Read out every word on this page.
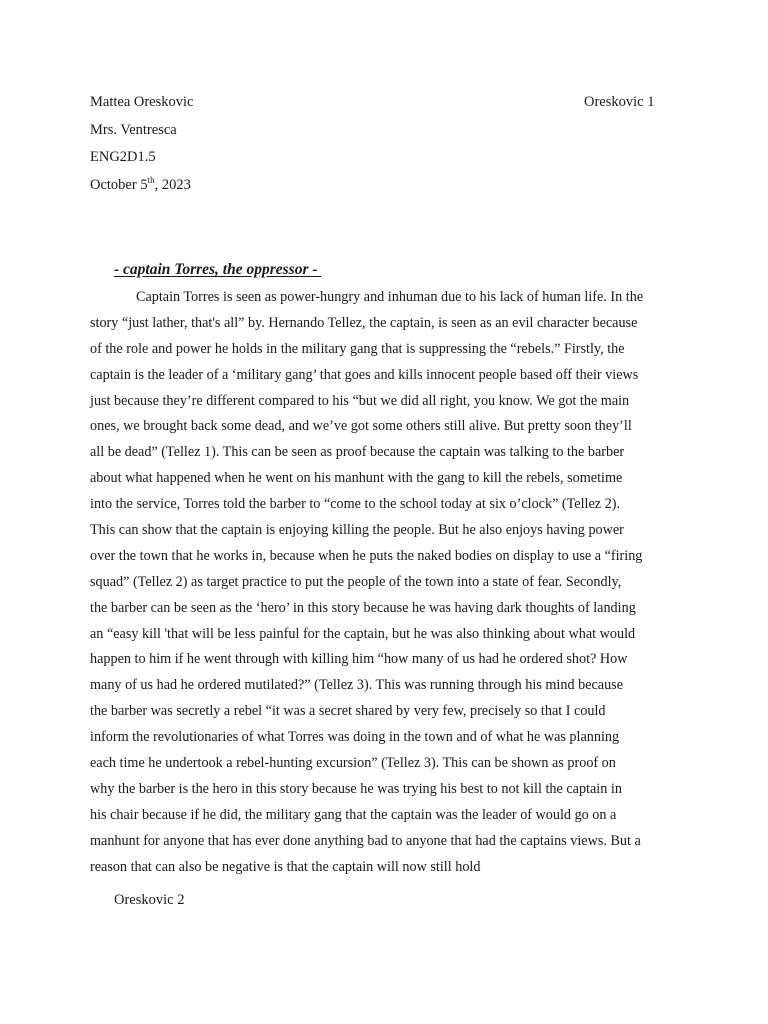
Mattea Oreskovic	Oreskovic 1
Mrs. Ventresca
ENG2D1.5
October 5th, 2023
- captain Torres, the oppressor -
Captain Torres is seen as power-hungry and inhuman due to his lack of human life. In the
story “just lather, that's all” by. Hernando Tellez, the captain, is seen as an evil character because
of the role and power he holds in the military gang that is suppressing the “rebels.” Firstly, the
captain is the leader of a ‘military gang’ that goes and kills innocent people based off their views
just because they’re different compared to his “but we did all right, you know. We got the main
ones, we brought back some dead, and we’ve got some others still alive. But pretty soon they’ll
all be dead” (Tellez 1). This can be seen as proof because the captain was talking to the barber
about what happened when he went on his manhunt with the gang to kill the rebels, sometime
into the service, Torres told the barber to “come to the school today at six o’clock” (Tellez 2).
This can show that the captain is enjoying killing the people. But he also enjoys having power
over the town that he works in, because when he puts the naked bodies on display to use a “firing
squad” (Tellez 2) as target practice to put the people of the town into a state of fear. Secondly,
the barber can be seen as the ‘hero’ in this story because he was having dark thoughts of landing
an “easy kill 'that will be less painful for the captain, but he was also thinking about what would
happen to him if he went through with killing him “how many of us had he ordered shot? How
many of us had he ordered mutilated?” (Tellez 3). This was running through his mind because
the barber was secretly a rebel “it was a secret shared by very few, precisely so that I could
inform the revolutionaries of what Torres was doing in the town and of what he was planning
each time he undertook a rebel-hunting excursion” (Tellez 3). This can be shown as proof on
why the barber is the hero in this story because he was trying his best to not kill the captain in
his chair because if he did, the military gang that the captain was the leader of would go on a
manhunt for anyone that has ever done anything bad to anyone that had the captains views. But a
reason that can also be negative is that the captain will now still hold
Oreskovic 2
